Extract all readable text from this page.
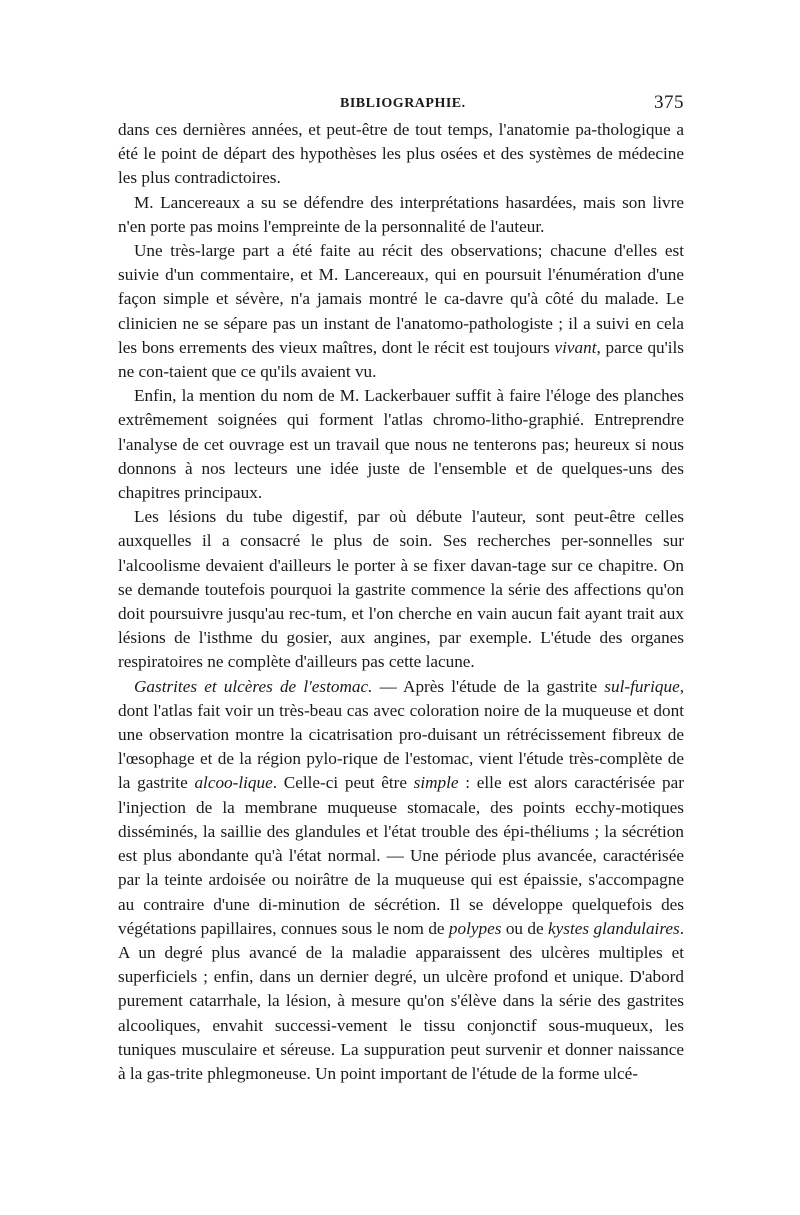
BIBLIOGRAPHIE.	375

dans ces dernières années, et peut-être de tout temps, l'anatomie pa-thologique a été le point de départ des hypothèses les plus osées et des systèmes de médecine les plus contradictoires.

M. Lancereaux a su se défendre des interprétations hasardées, mais son livre n'en porte pas moins l'empreinte de la personnalité de l'auteur.

Une très-large part a été faite au récit des observations; chacune d'elles est suivie d'un commentaire, et M. Lancereaux, qui en poursuit l'énumération d'une façon simple et sévère, n'a jamais montré le ca-davre qu'à côté du malade. Le clinicien ne se sépare pas un instant de l'anatomo-pathologiste ; il a suivi en cela les bons errements des vieux maîtres, dont le récit est toujours vivant, parce qu'ils ne con-taient que ce qu'ils avaient vu.

Enfin, la mention du nom de M. Lackerbauer suffit à faire l'éloge des planches extrêmement soignées qui forment l'atlas chromo-litho-graphié. Entreprendre l'analyse de cet ouvrage est un travail que nous ne tenterons pas; heureux si nous donnons à nos lecteurs une idée juste de l'ensemble et de quelques-uns des chapitres principaux.

Les lésions du tube digestif, par où débute l'auteur, sont peut-être celles auxquelles il a consacré le plus de soin. Ses recherches per-sonnelles sur l'alcoolisme devaient d'ailleurs le porter à se fixer davan-tage sur ce chapitre. On se demande toutefois pourquoi la gastrite commence la série des affections qu'on doit poursuivre jusqu'au rec-tum, et l'on cherche en vain aucun fait ayant trait aux lésions de l'isthme du gosier, aux angines, par exemple. L'étude des organes respiratoires ne complète d'ailleurs pas cette lacune.

Gastrites et ulcères de l'estomac. — Après l'étude de la gastrite sul-furique, dont l'atlas fait voir un très-beau cas avec coloration noire de la muqueuse et dont une observation montre la cicatrisation pro-duisant un rétrécissement fibreux de l'œsophage et de la région pylo-rique de l'estomac, vient l'étude très-complète de la gastrite alcoo-lique. Celle-ci peut être simple : elle est alors caractérisée par l'injection de la membrane muqueuse stomacale, des points ecchy-motiques disséminés, la saillie des glandules et l'état trouble des épi-théliums ; la sécrétion est plus abondante qu'à l'état normal. — Une période plus avancée, caractérisée par la teinte ardoisée ou noirâtre de la muqueuse qui est épaissie, s'accompagne au contraire d'une di-minution de sécrétion. Il se développe quelquefois des végétations papillaires, connues sous le nom de polypes ou de kystes glandulaires. A un degré plus avancé de la maladie apparaissent des ulcères multiples et superficiels ; enfin, dans un dernier degré, un ulcère profond et unique. D'abord purement catarrhale, la lésion, à mesure qu'on s'élève dans la série des gastrites alcooliques, envahit successi-vement le tissu conjonctif sous-muqueux, les tuniques musculaire et séreuse. La suppuration peut survenir et donner naissance à la gas-trite phlegmoneuse. Un point important de l'étude de la forme ulcé-
